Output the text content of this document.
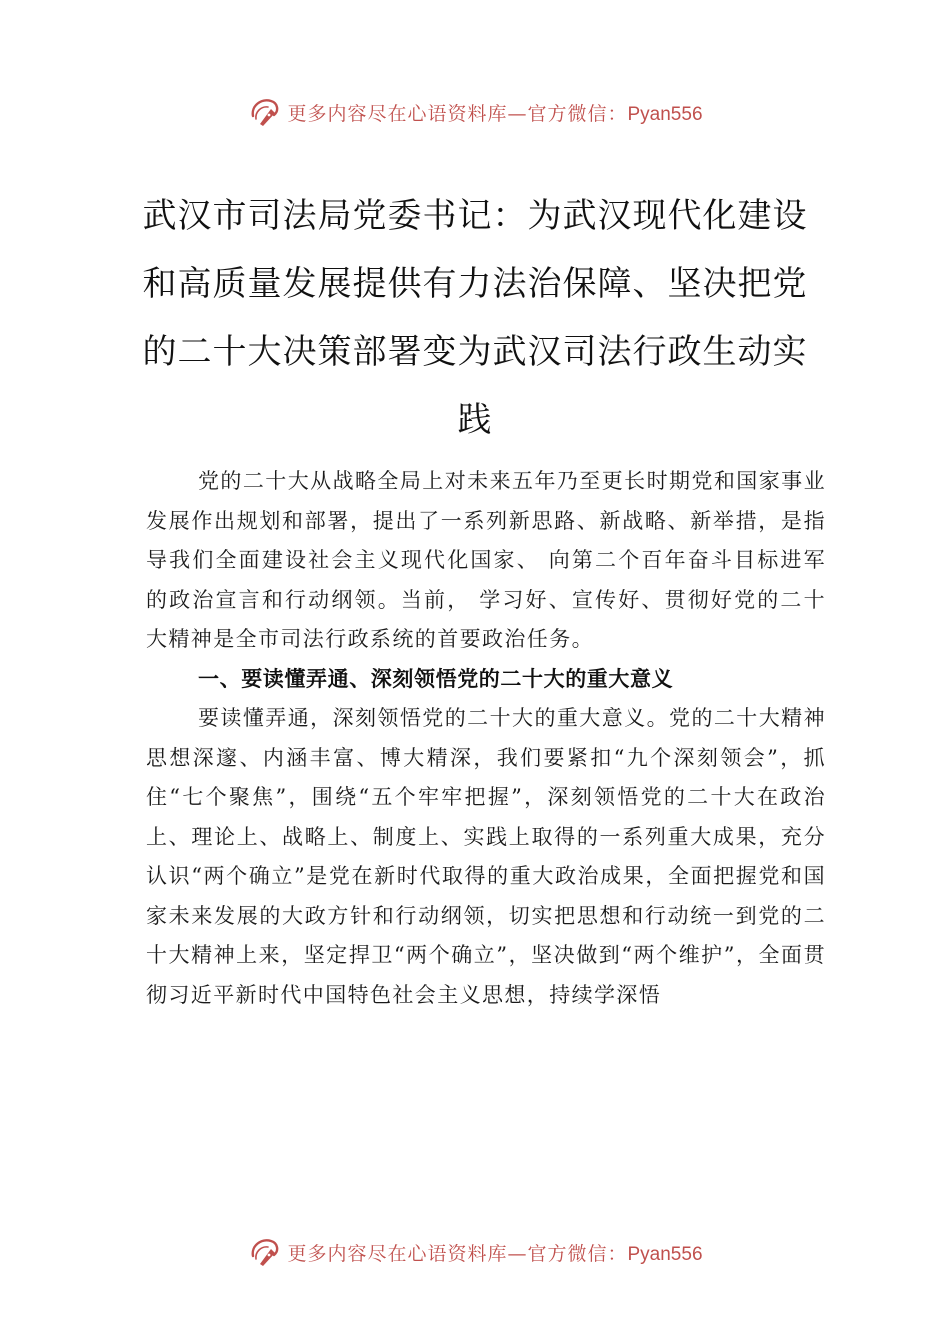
更多内容尽在心语资料库—官方微信：Pyan556
武汉市司法局党委书记：为武汉现代化建设和高质量发展提供有力法治保障、坚决把党的二十大决策部署变为武汉司法行政生动实践

党的二十大从战略全局上对未来五年乃至更长时期党和国家事业发展作出规划和部署，提出了一系列新思路、新战略、新举措，是指导我们全面建设社会主义现代化国家、 向第二个百年奋斗目标进军的政治宣言和行动纲领。当前， 学习好、宣传好、贯彻好党的二十大精神是全市司法行政系统的首要政治任务。

一、要读懂弄通、深刻领悟党的二十大的重大意义

要读懂弄通，深刻领悟党的二十大的重大意义。党的二十大精神思想深邃、内涵丰富、博大精深，我们要紧扣“九个深刻领会”，抓住“七个聚焦”，围绕“五个牢牢把握”，深刻领悟党的二十大在政治上、理论上、战略上、制度上、实践上取得的一系列重大成果，充分认识“两个确立”是党在新时代取得的重大政治成果，全面把握党和国家未来发展的大政方针和行动纲领，切实把思想和行动统一到党的二十大精神上来，坚定捍卫“两个确立”，坚决做到“两个维护”，全面贯彻习近平新时代中国特色社会主义思想，持续学深悟

更多内容尽在心语资料库—官方微信：Pyan556
